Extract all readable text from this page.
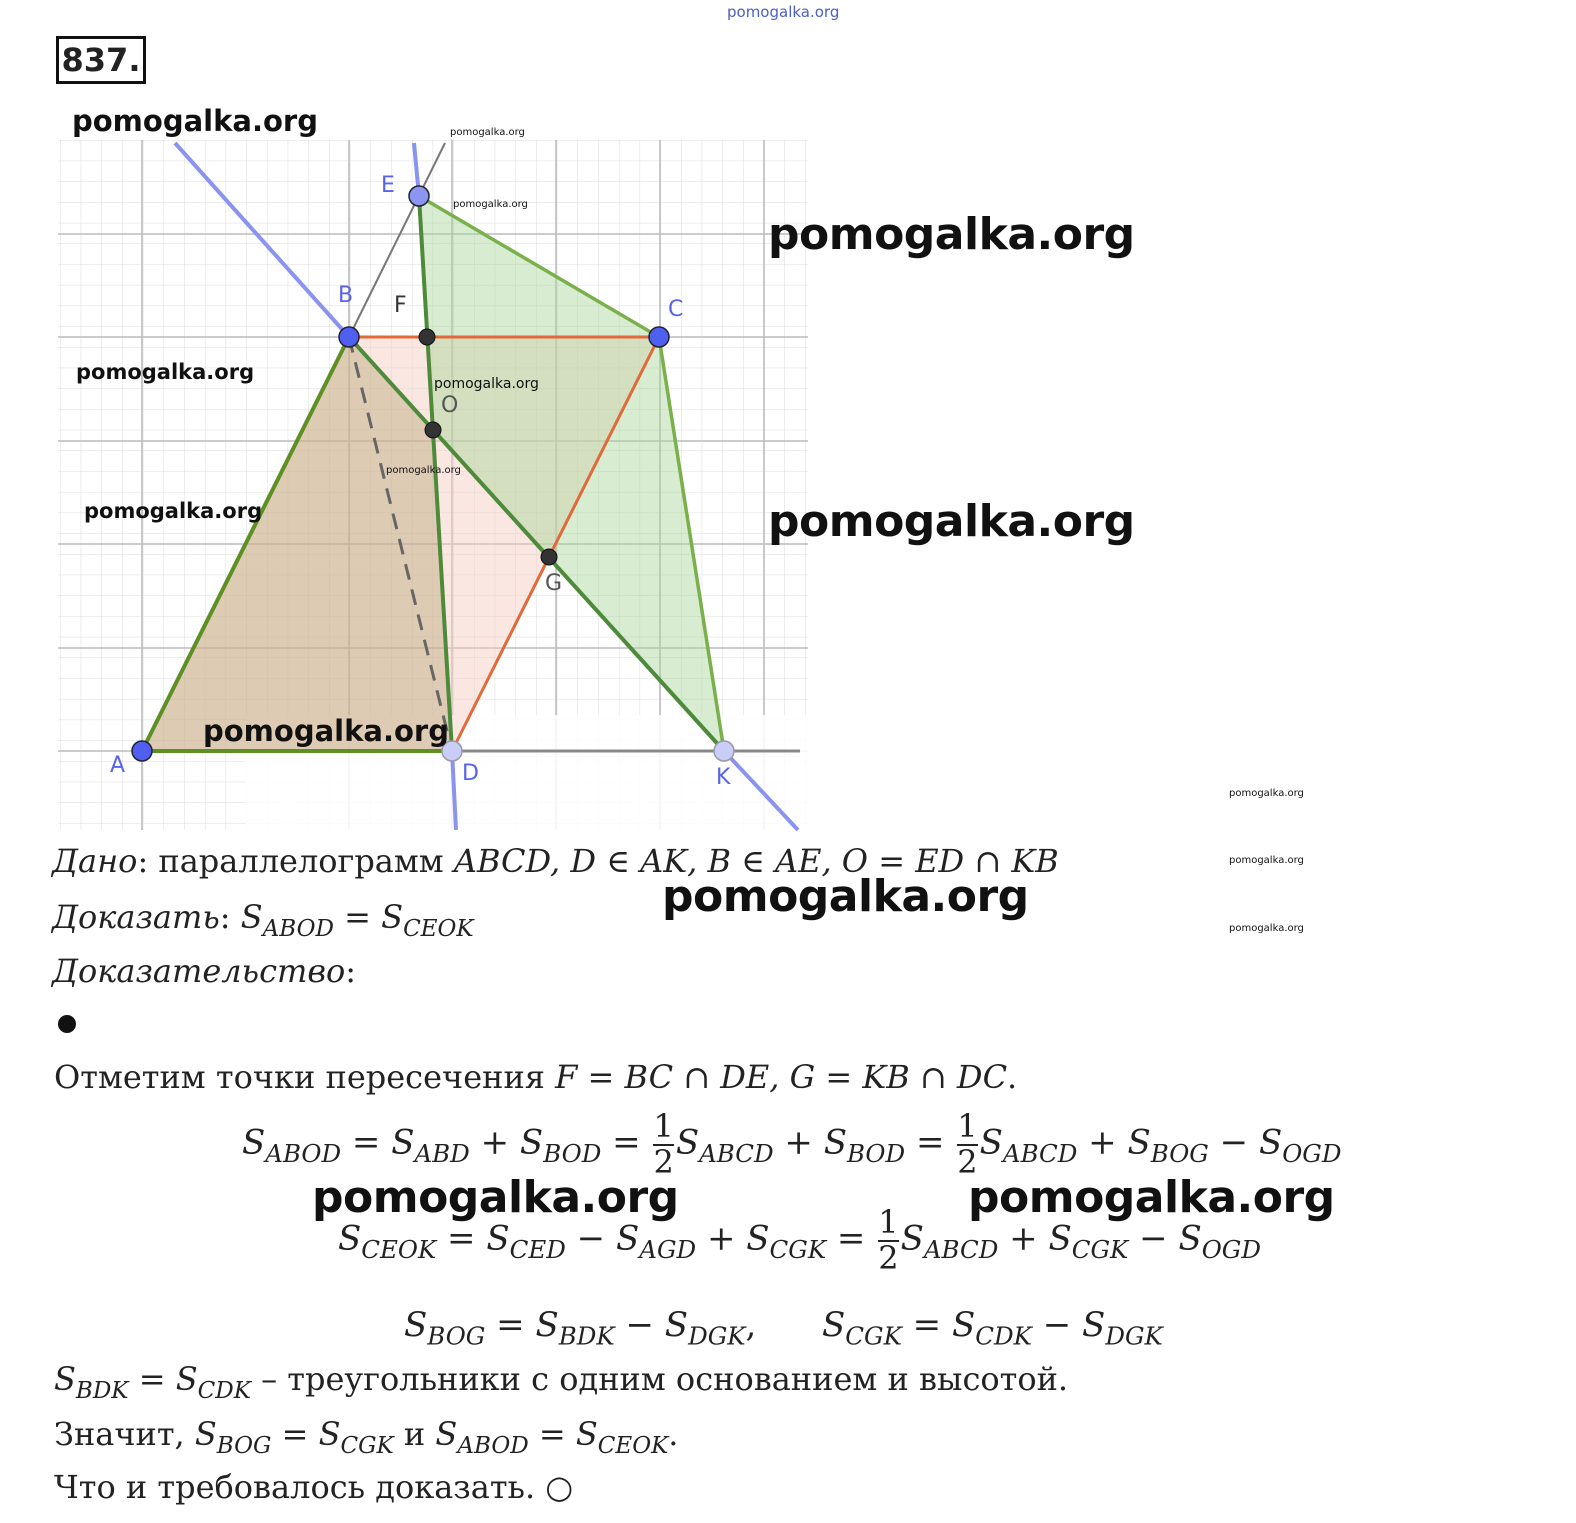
pomogalka.org
837.
A
B
C
D
E
K
F
O
G
pomogalka.org	pomogalka.org
pomogalka.org
pomogalka.org
pomogalka.org	pomogalka.org
pomogalka.org
pomogalka.org	pomogalka.org
pomogalka.org
pomogalka.org
pomogalka.org
pomogalka.org
pomogalka.org
Дано: параллелограмм ABCD, D ∈ AK, B ∈ AE, O = ED ∩ KB
Доказать: $S_{ABOD} = S_{CEOK}$
Доказательство:
Отметим точки пересечения F = BC ∩ DE, G = KB ∩ DC.
$S_{ABOD} = S_{ABD} + S_{BOD} = \frac{1}{2} S_{ABCD} + S_{BOD} = \frac{1}{2} S_{ABCD} + S_{BOG} - S_{OGD}$
pomogalka.org	pomogalka.org
$S_{CEOK} = S_{CED} - S_{AGD} + S_{CGK} = \frac{1}{2} S_{ABCD} + S_{CGK} - S_{OGD}$
$S_{BOG} = S_{BDK} - S_{DGK}$, $S_{CGK} = S_{CDK} - S_{DGK}$
$S_{BDK} = S_{CDK}$ – треугольники с одним основанием и высотой.
Значит, $S_{BOG} = S_{CGK}$ и $S_{ABOD} = S_{CEOK}$.
Что и требовалось доказать. ○
